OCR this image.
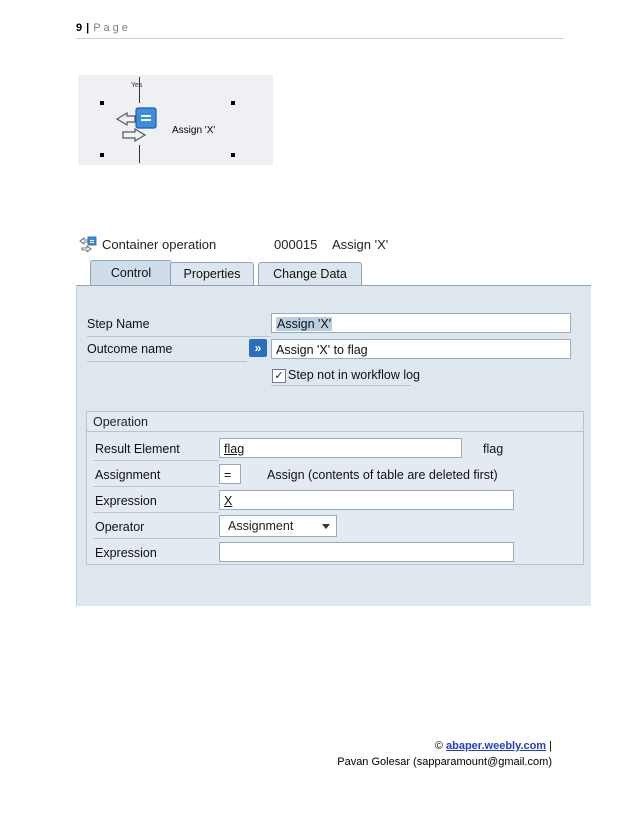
9 | Page
Yes
Assign 'X'
Container operation	000015 Assign 'X'
Control	Properties	Change Data
Step Name	Assign 'X'
Outcome name	»	Assign 'X' to flag
✓ Step not in workflow log
Operation
Result Element	flag	flag
Assignment	=	Assign (contents of table are deleted first)
Expression	X
Operator	Assignment
Expression
© abaper.weebly.com |
Pavan Golesar (sapparamount@gmail.com)
